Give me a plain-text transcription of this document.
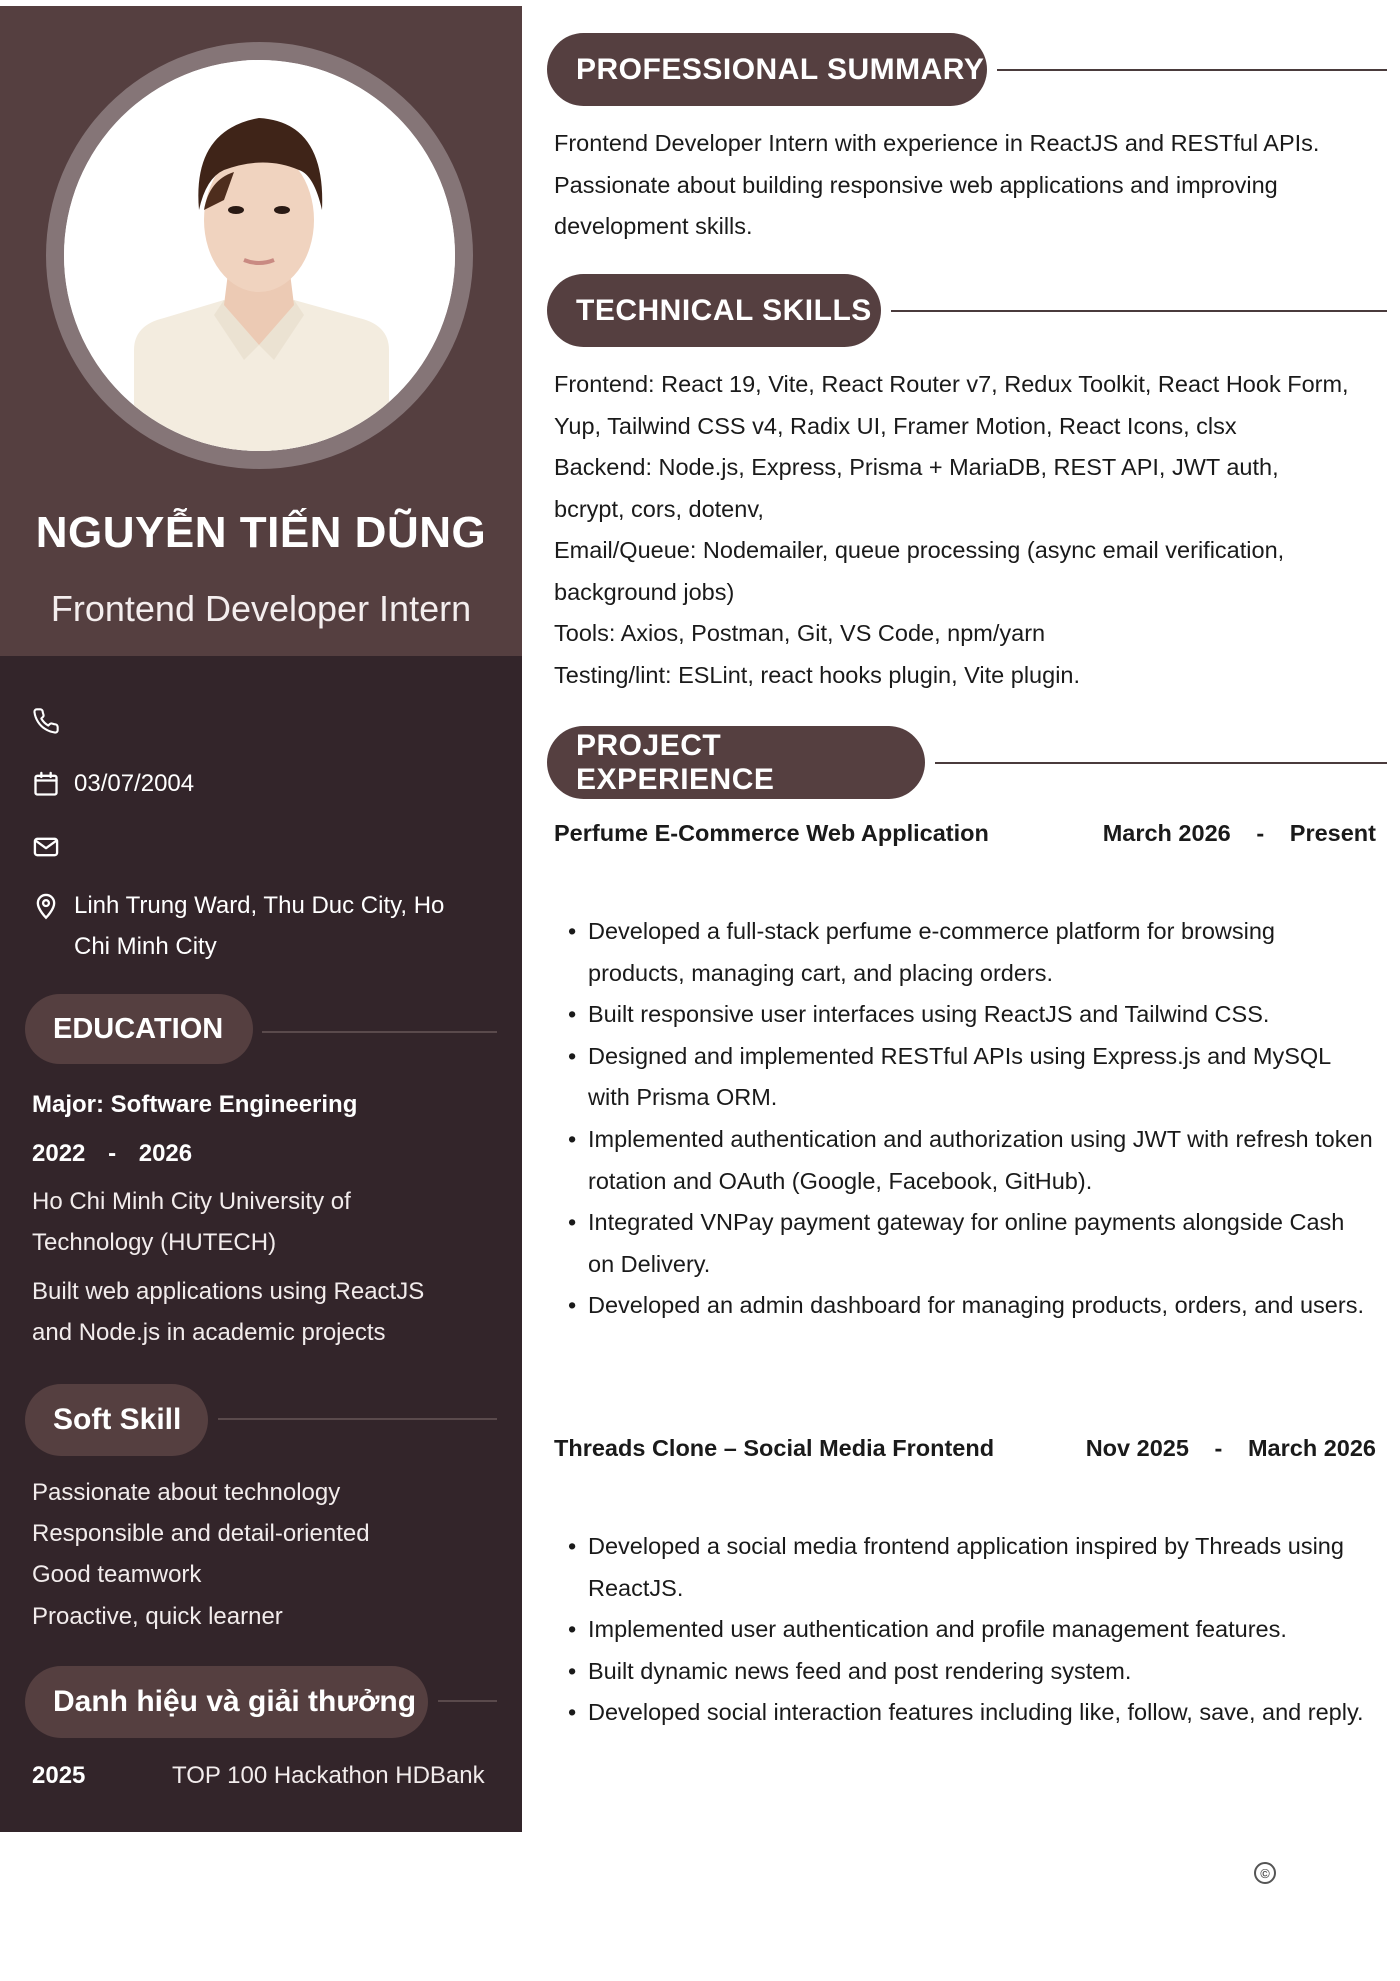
NGUYỄN TIẾN DŨNG
Frontend Developer Intern
03/07/2004
Linh Trung Ward, Thu Duc City, Ho Chi Minh City
EDUCATION
Major: Software Engineering
2022 - 2026
Ho Chi Minh City University of Technology (HUTECH)
Built web applications using ReactJS and Node.js in academic projects
Soft Skill
Passionate about technology
Responsible and detail-oriented
Good teamwork
Proactive, quick learner
Danh hiệu và giải thưởng
2025	TOP 100 Hackathon HDBank
PROFESSIONAL SUMMARY
Frontend Developer Intern with experience in ReactJS and RESTful APIs. Passionate about building responsive web applications and improving development skills.
TECHNICAL SKILLS
Frontend: React 19, Vite, React Router v7, Redux Toolkit, React Hook Form, Yup, Tailwind CSS v4, Radix UI, Framer Motion, React Icons, clsx
Backend: Node.js, Express, Prisma + MariaDB, REST API, JWT auth, bcrypt, cors, dotenv,
Email/Queue: Nodemailer, queue processing (async email verification, background jobs)
Tools: Axios, Postman, Git, VS Code, npm/yarn
Testing/lint: ESLint, react hooks plugin, Vite plugin.
PROJECT EXPERIENCE
Perfume E-Commerce Web Application	March 2026 - Present
• Developed a full-stack perfume e-commerce platform for browsing products, managing cart, and placing orders.
• Built responsive user interfaces using ReactJS and Tailwind CSS.
• Designed and implemented RESTful APIs using Express.js and MySQL with Prisma ORM.
• Implemented authentication and authorization using JWT with refresh token rotation and OAuth (Google, Facebook, GitHub).
• Integrated VNPay payment gateway for online payments alongside Cash on Delivery.
• Developed an admin dashboard for managing products, orders, and users.
Threads Clone – Social Media Frontend	Nov 2025 - March 2026
• Developed a social media frontend application inspired by Threads using ReactJS.
• Implemented user authentication and profile management features.
• Built dynamic news feed and post rendering system.
• Developed social interaction features including like, follow, save, and reply.
©
